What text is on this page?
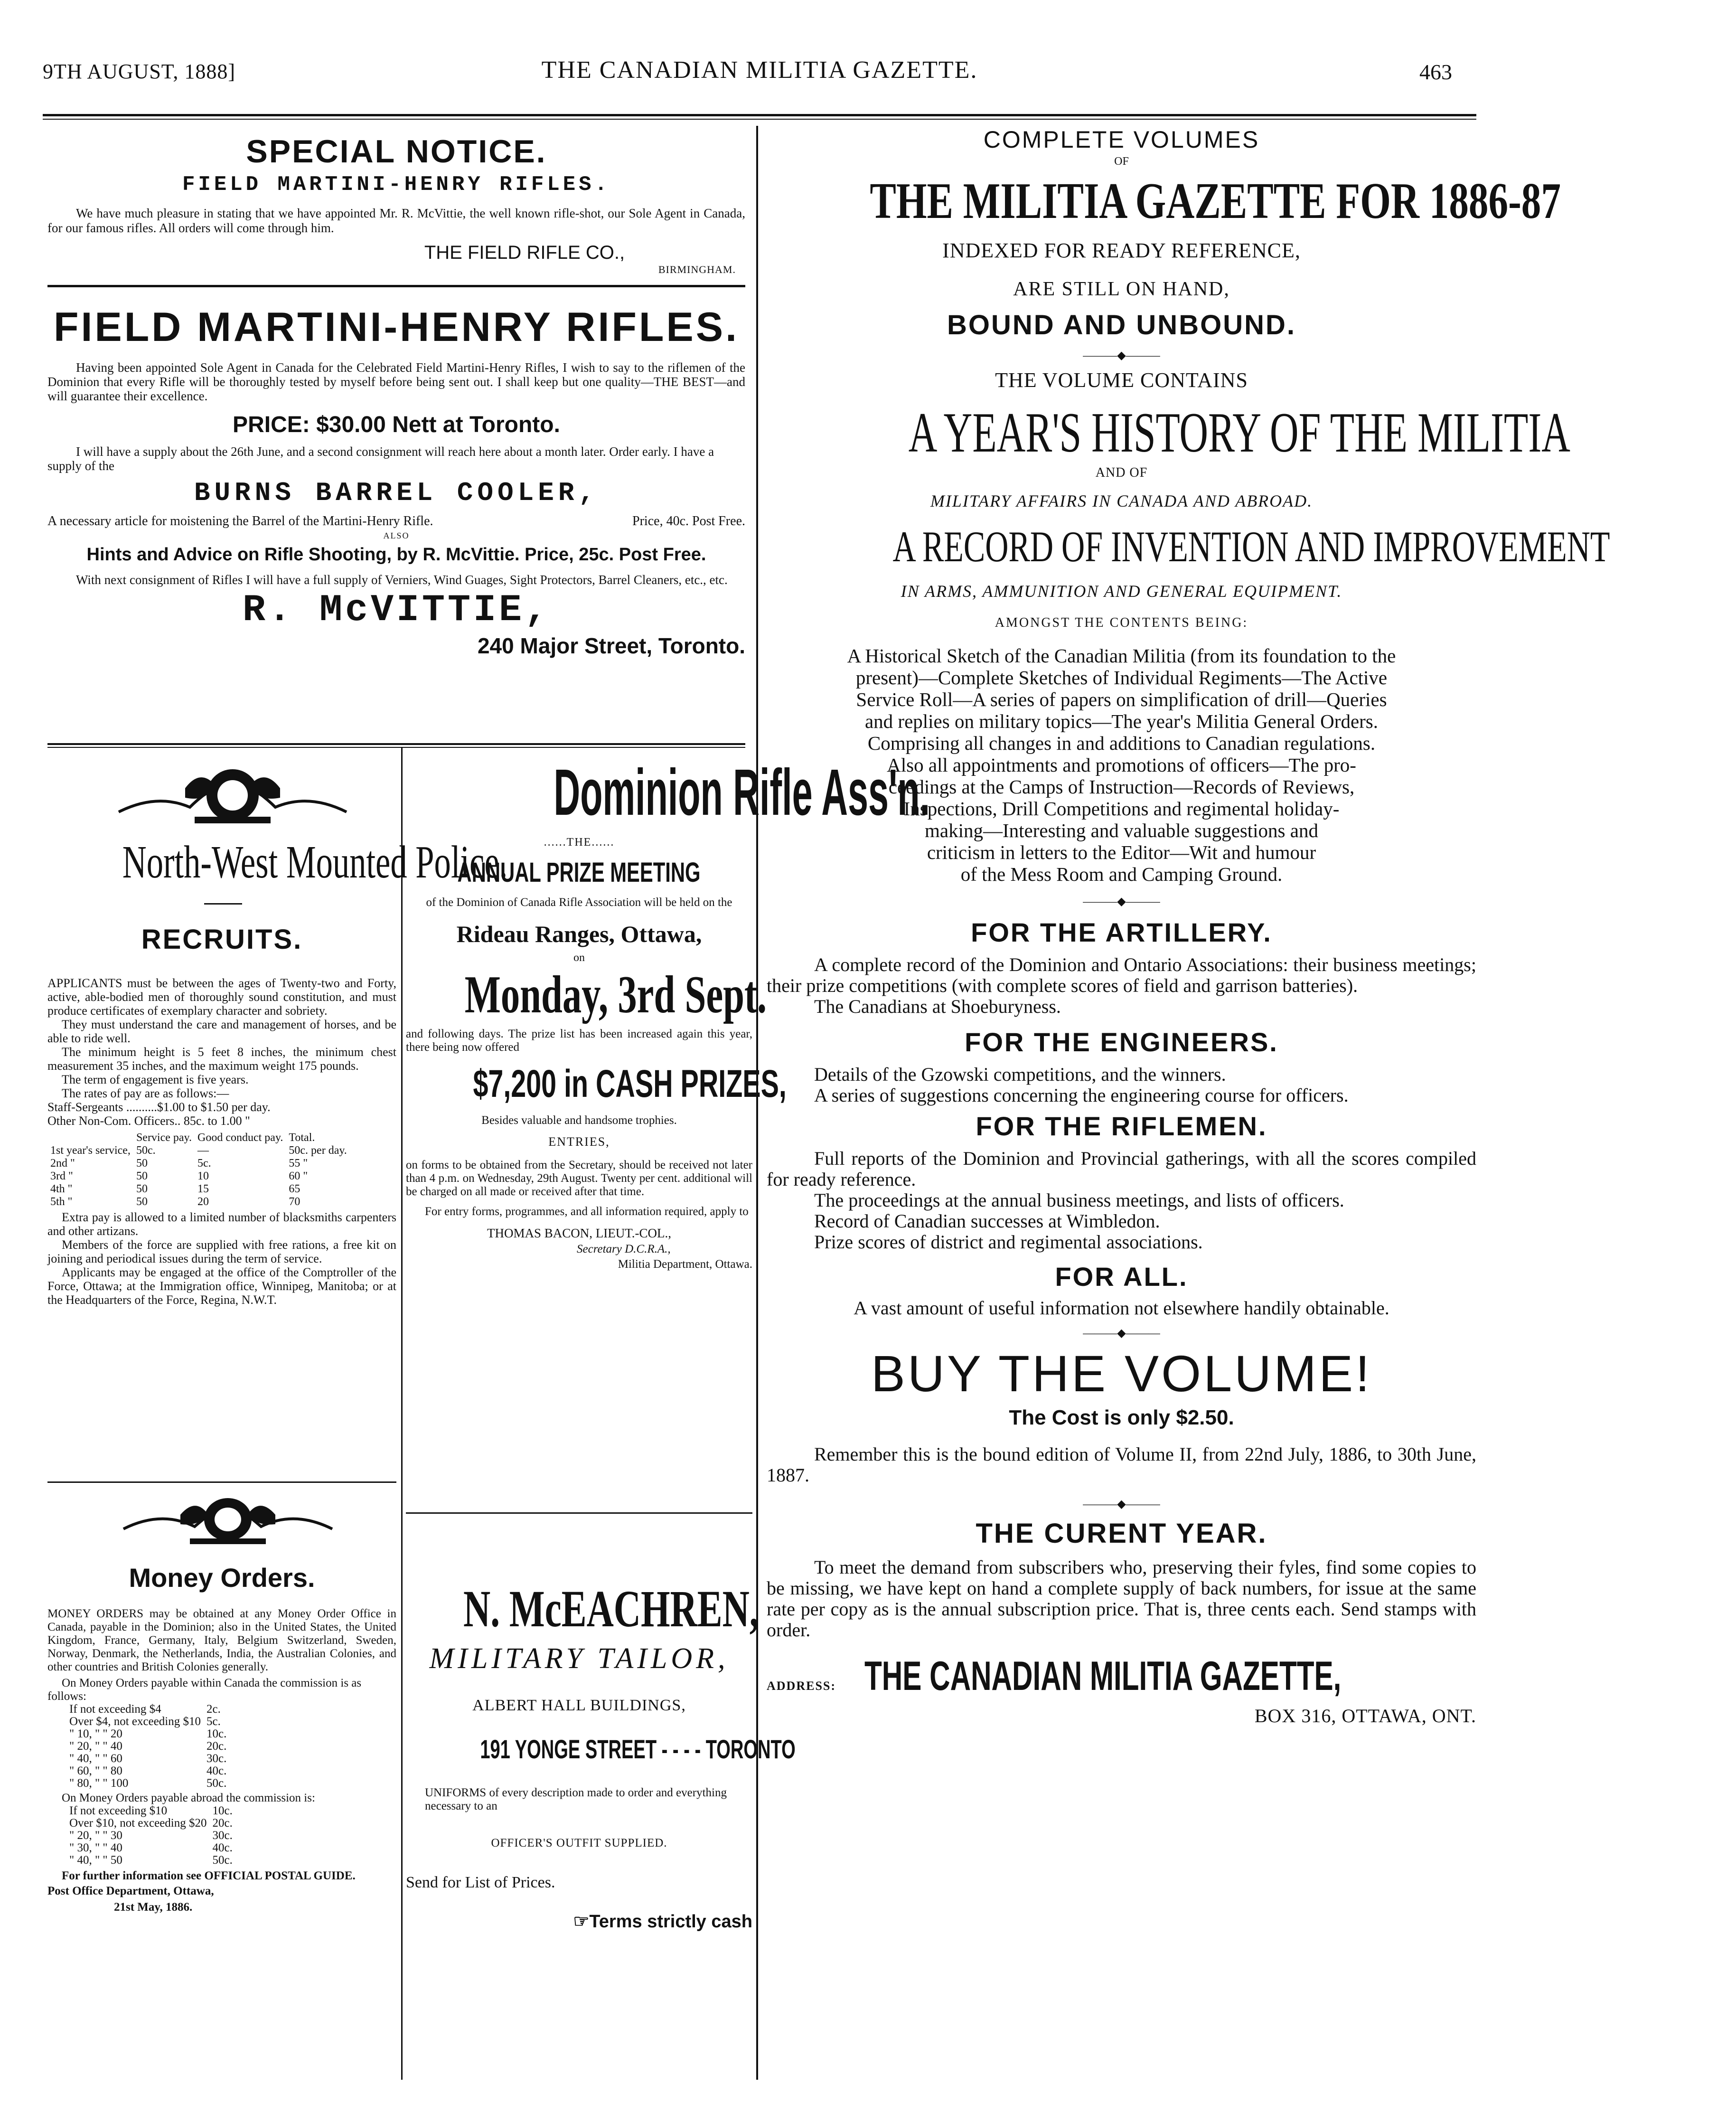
9TH AUGUST, 1888]	THE CANADIAN MILITIA GAZETTE.	463
SPECIAL NOTICE.
FIELD MARTINI-HENRY RIFLES.
We have much pleasure in stating that we have appointed Mr. R. McVittie, the well known rifle-shot, our Sole Agent in Canada, for our famous rifles. All orders will come through him.
THE FIELD RIFLE CO.,
BIRMINGHAM.
FIELD MARTINI-HENRY RIFLES.
Having been appointed Sole Agent in Canada for the Celebrated Field Martini-Henry Rifles, I wish to say to the riflemen of the Dominion that every Rifle will be thoroughly tested by myself before being sent out. I shall keep but one quality—THE BEST—and will guarantee their excellence.
PRICE: $30.00 Nett at Toronto.
I will have a supply about the 26th June, and a second consignment will reach here about a month later. Order early. I have a supply of the
BURNS BARREL COOLER,
A necessary article for moistening the Barrel of the Martini-Henry Rifle.	Price, 40c. Post Free.
ALSO
Hints and Advice on Rifle Shooting, by R. McVittie. Price, 25c. Post Free.
With next consignment of Rifles I will have a full supply of Verniers, Wind Guages, Sight Protectors, Barrel Cleaners, etc., etc.
R. McVITTIE,
240 Major Street, Toronto.
North-West Mounted Police.
RECRUITS.
APPLICANTS must be between the ages of Twenty-two and Forty, active, able-bodied men of thoroughly sound constitution, and must produce certificates of exemplary character and sobriety.
They must understand the care and management of horses, and be able to ride well.
The minimum height is 5 feet 8 inches, the minimum chest measurement 35 inches, and the maximum weight 175 pounds.
The term of engagement is five years.
The rates of pay are as follows:—
Staff-Sergeants ..........$1.00 to $1.50 per day.
Other Non-Com. Officers.. 85c. to 1.00 "
	Service pay.	Good conduct pay.	Total.
1st year's service,	50c.	—	50c. per day.
2nd "	50	5c.	55 "
3rd "	50	10	60 "
4th "	50	15	65
5th "	50	20	70
Extra pay is allowed to a limited number of blacksmiths carpenters and other artizans.
Members of the force are supplied with free rations, a free kit on joining and periodical issues during the term of service.
Applicants may be engaged at the office of the Comptroller of the Force, Ottawa; at the Immigration office, Winnipeg, Manitoba; or at the Headquarters of the Force, Regina, N.W.T.
Money Orders.
MONEY ORDERS may be obtained at any Money Order Office in Canada, payable in the Dominion; also in the United States, the United Kingdom, France, Germany, Italy, Belgium Switzerland, Sweden, Norway, Denmark, the Netherlands, India, the Australian Colonies, and other countries and British Colonies generally.
On Money Orders payable within Canada the commission is as follows:
If not exceeding $4	2c.
Over $4, not exceeding $10	5c.
" 10, " " 20	10c.
" 20, " " 40	20c.
" 40, " " 60	30c.
" 60, " " 80	40c.
" 80, " " 100	50c.
On Money Orders payable abroad the commission is:
If not exceeding $10	10c.
Over $10, not exceeding $20	20c.
" 20, " " 30	30c.
" 30, " " 40	40c.
" 40, " " 50	50c.
For further information see OFFICIAL POSTAL GUIDE.
Post Office Department, Ottawa,
21st May, 1886.
Dominion Rifle Ass'n.
......THE......
ANNUAL PRIZE MEETING
of the Dominion of Canada Rifle Association will be held on the
Rideau Ranges, Ottawa,
on
Monday, 3rd Sept.
and following days. The prize list has been increased again this year, there being now offered
$7,200 in CASH PRIZES,
Besides valuable and handsome trophies.
ENTRIES,
on forms to be obtained from the Secretary, should be received not later than 4 p.m. on Wednesday, 29th August. Twenty per cent. additional will be charged on all made or received after that time.
For entry forms, programmes, and all information required, apply to
THOMAS BACON, LIEUT.-COL.,
Secretary D.C.R.A.,
Militia Department, Ottawa.
N. McEACHREN,
MILITARY TAILOR,
ALBERT HALL BUILDINGS,
191 YONGE STREET - - - - TORONTO
UNIFORMS of every description made to order and everything necessary to an
OFFICER'S OUTFIT SUPPLIED.
Send for List of Prices.
☞Terms strictly cash
COMPLETE VOLUMES
OF
THE MILITIA GAZETTE FOR 1886-87
INDEXED FOR READY REFERENCE,
ARE STILL ON HAND,
BOUND AND UNBOUND.
―――◆―――
THE VOLUME CONTAINS
A YEAR'S HISTORY OF THE MILITIA
AND OF
MILITARY AFFAIRS IN CANADA AND ABROAD.
A RECORD OF INVENTION AND IMPROVEMENT
IN ARMS, AMMUNITION AND GENERAL EQUIPMENT.
AMONGST THE CONTENTS BEING:
A Historical Sketch of the Canadian Militia (from its foundation to the
present)—Complete Sketches of Individual Regiments—The Active
Service Roll—A series of papers on simplification of drill—Queries
and replies on military topics—The year's Militia General Orders.
Comprising all changes in and additions to Canadian regulations.
Also all appointments and promotions of officers—The pro-
ceedings at the Camps of Instruction—Records of Reviews,
Inspections, Drill Competitions and regimental holiday-
making—Interesting and valuable suggestions and
criticism in letters to the Editor—Wit and humour
of the Mess Room and Camping Ground.
―――◆―――
FOR THE ARTILLERY.
A complete record of the Dominion and Ontario Associations: their business meetings; their prize competitions (with complete scores of field and garrison batteries).
The Canadians at Shoeburyness.
FOR THE ENGINEERS.
Details of the Gzowski competitions, and the winners.
A series of suggestions concerning the engineering course for officers.
FOR THE RIFLEMEN.
Full reports of the Dominion and Provincial gatherings, with all the scores compiled for ready reference.
The proceedings at the annual business meetings, and lists of officers.
Record of Canadian successes at Wimbledon.
Prize scores of district and regimental associations.
FOR ALL.
A vast amount of useful information not elsewhere handily obtainable.
―――◆―――
BUY THE VOLUME!
The Cost is only $2.50.
Remember this is the bound edition of Volume II, from 22nd July, 1886, to 30th June, 1887.
―――◆―――
THE CURENT YEAR.
To meet the demand from subscribers who, preserving their fyles, find some copies to be missing, we have kept on hand a complete supply of back numbers, for issue at the same rate per copy as is the annual subscription price. That is, three cents each. Send stamps with order.
ADDRESS: THE CANADIAN MILITIA GAZETTE,
BOX 316, OTTAWA, ONT.
